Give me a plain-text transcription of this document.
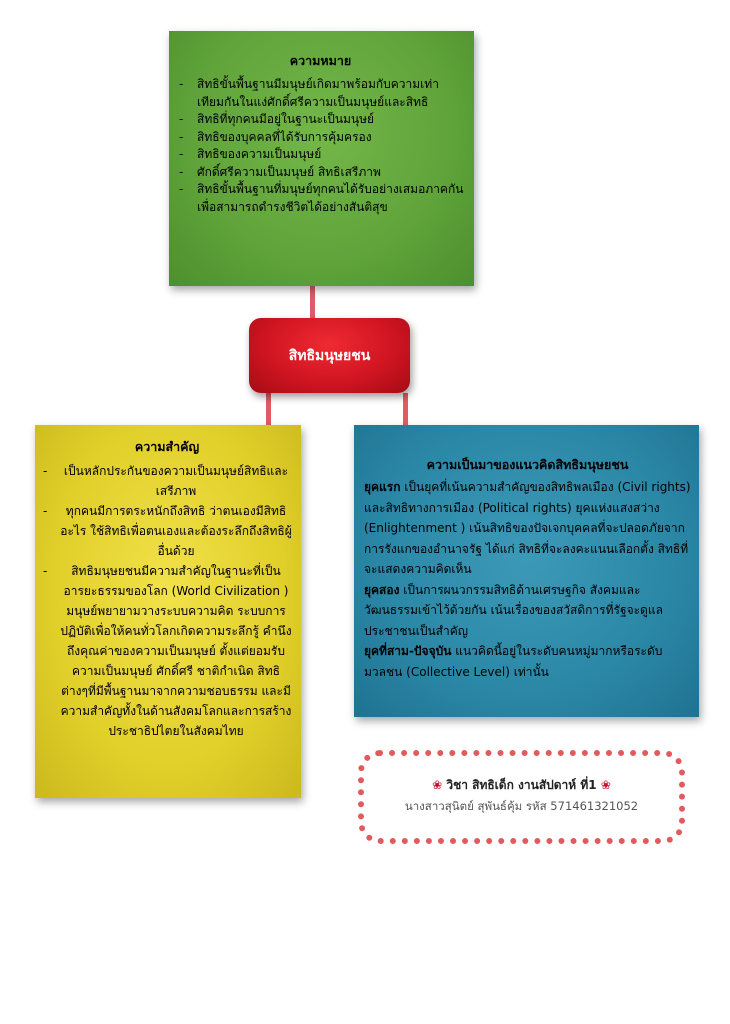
ความหมาย
- สิทธิขั้นพื้นฐานมีมนุษย์เกิดมาพร้อมกับความเท่าเทียมกันในแง่ศักดิ์ศรีความเป็นมนุษย์และสิทธิ
- สิทธิที่ทุกคนมีอยู่ในฐานะเป็นมนุษย์
- สิทธิของบุคคลที่ได้รับการคุ้มครอง
- สิทธิของความเป็นมนุษย์
- ศักดิ์ศรีความเป็นมนุษย์ สิทธิเสรีภาพ
- สิทธิขั้นพื้นฐานที่มนุษย์ทุกคนได้รับอย่างเสมอภาคกันเพื่อสามารถดำรงชีวิตได้อย่างสันติสุข
สิทธิมนุษยชน
ความสำคัญ
- เป็นหลักประกันของความเป็นมนุษย์สิทธิและเสรีภาพ
- ทุกคนมีการตระหนักถึงสิทธิ ว่าตนเองมีสิทธิอะไร ใช้สิทธิเพื่อตนเองและต้องระลึกถึงสิทธิผู้อื่นด้วย
- สิทธิมนุษยชนมีความสำคัญในฐานะที่เป็นอารยะธรรมของโลก (World Civilization ) มนุษย์พยายามวางระบบความคิด ระบบการปฏิบัติเพื่อให้คนทั่วโลกเกิดความระลึกรู้ คำนึงถึงคุณค่าของความเป็นมนุษย์ ตั้งแต่ยอมรับความเป็นมนุษย์ ศักดิ์ศรี ชาติกำเนิด สิทธิต่างๆที่มีพื้นฐานมาจากความชอบธรรม และมีความสำคัญทั้งในด้านสังคมโลกและการสร้างประชาธิปไตยในสังคมไทย
ความเป็นมาของแนวคิดสิทธิมนุษยชน

ยุคแรก เป็นยุคที่เน้นความสำคัญของสิทธิพลเมือง (Civil rights) และสิทธิทางการเมือง (Political rights) ยุคแห่งแสงสว่าง (Enlightenment ) เน้นสิทธิของปัจเจกบุคคลที่จะปลอดภัยจากการรังแกของอำนาจรัฐ ได้แก่ สิทธิที่จะลงคะแนนเลือกตั้ง สิทธิที่จะแสดงความคิดเห็น

ยุคสอง เป็นการผนวกรรมสิทธิด้านเศรษฐกิจ สังคมและวัฒนธรรมเข้าไว้ด้วยกัน เน้นเรื่องของสวัสดิการที่รัฐจะดูแลประชาชนเป็นสำคัญ

ยุคที่สาม-ปัจจุบัน แนวคิดนี้อยู่ในระดับคนหมู่มากหรือระดับมวลชน (Collective Level) เท่านั้น

❀ วิชา สิทธิเด็ก งานสัปดาห์ ที่1 ❀
นางสาวสุนิตย์ สุพันธ์คุ้ม รหัส 571461321052
